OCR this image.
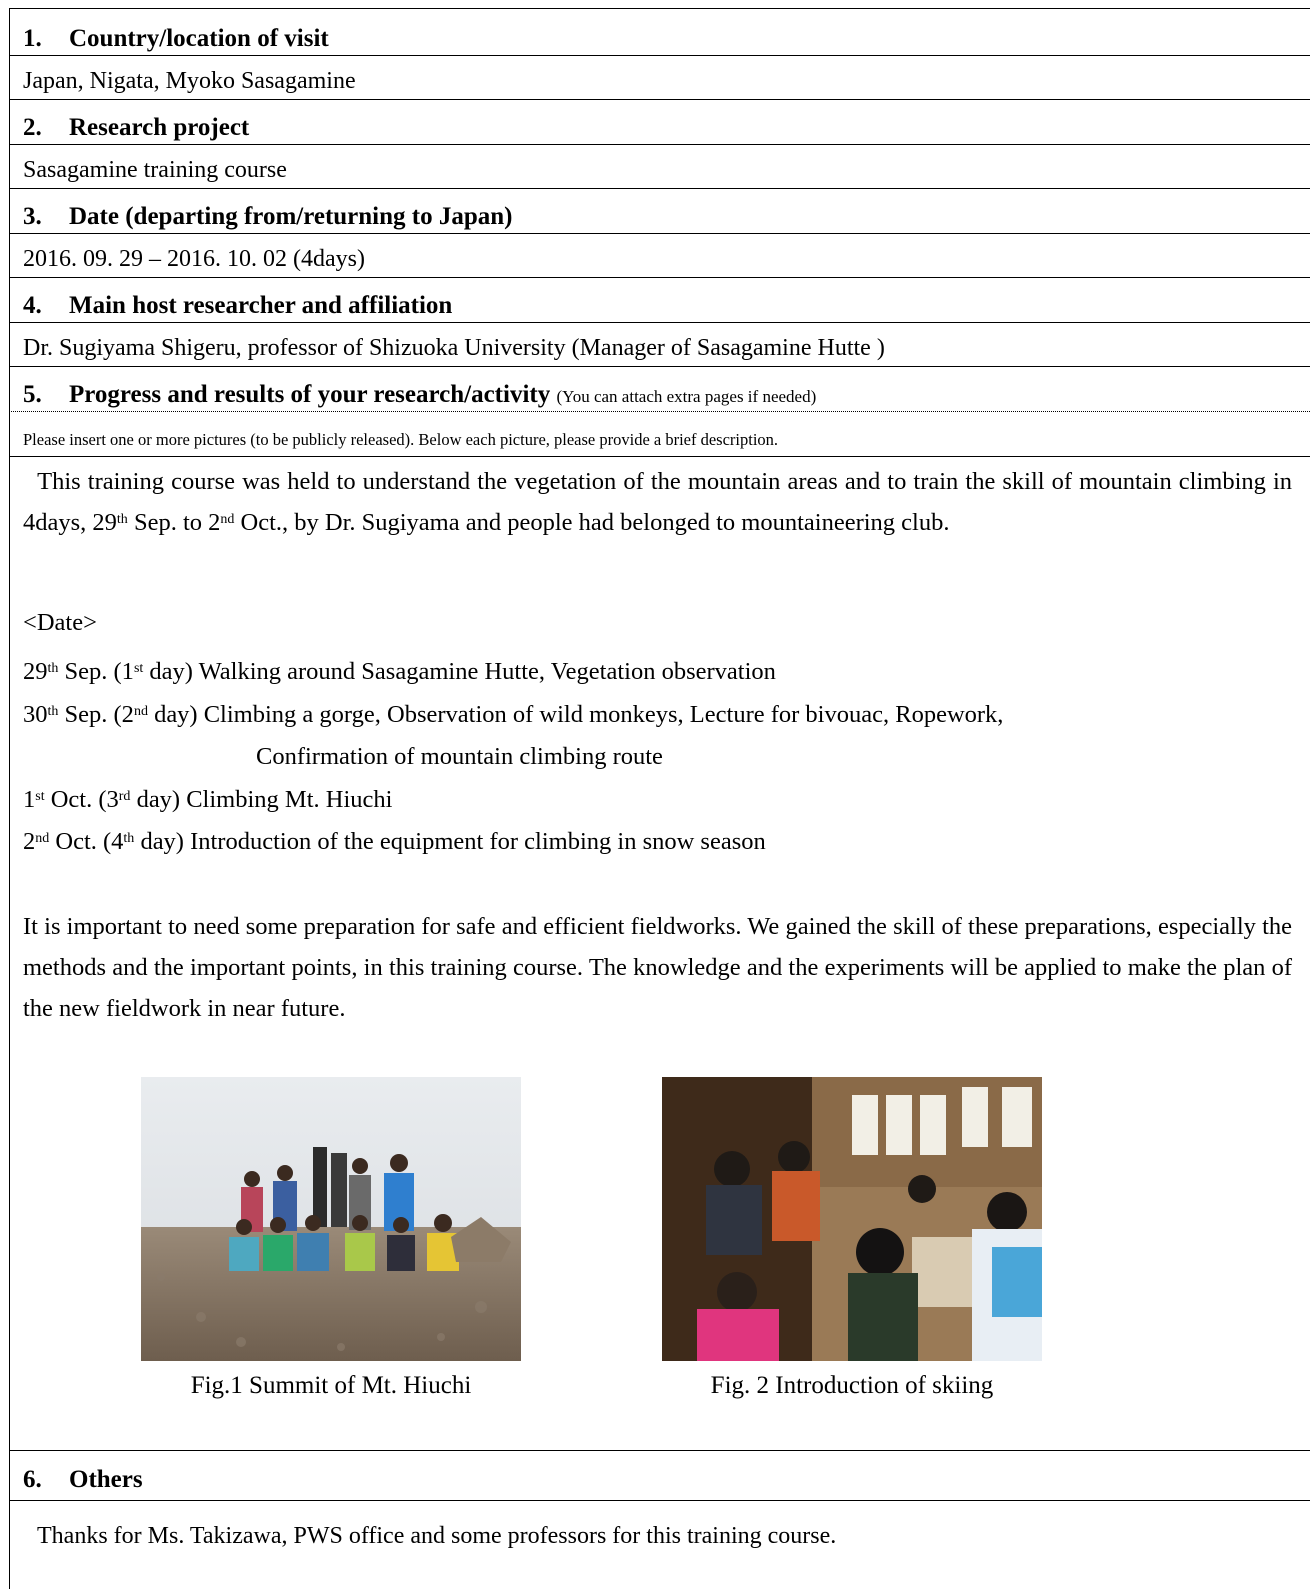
1. Country/location of visit
Japan, Nigata, Myoko Sasagamine
2. Research project
Sasagamine training course
3. Date (departing from/returning to Japan)
2016. 09. 29 – 2016. 10. 02 (4days)
4. Main host researcher and affiliation
Dr. Sugiyama Shigeru, professor of Shizuoka University (Manager of Sasagamine Hutte )
5. Progress and results of your research/activity (You can attach extra pages if needed)
Please insert one or more pictures (to be publicly released). Below each picture, please provide a brief description.
This training course was held to understand the vegetation of the mountain areas and to train the skill of mountain climbing in 4days, 29th Sep. to 2nd Oct., by Dr. Sugiyama and people had belonged to mountaineering club.
<Date>
29th Sep. (1st day) Walking around Sasagamine Hutte, Vegetation observation
30th Sep. (2nd day) Climbing a gorge, Observation of wild monkeys, Lecture for bivouac, Ropework,
Confirmation of mountain climbing route
1st Oct. (3rd day) Climbing Mt. Hiuchi
2nd Oct. (4th day) Introduction of the equipment for climbing in snow season
It is important to need some preparation for safe and efficient fieldworks. We gained the skill of these preparations, especially the methods and the important points, in this training course. The knowledge and the experiments will be applied to make the plan of the new fieldwork in near future.
Fig.1 Summit of Mt. Hiuchi	Fig. 2 Introduction of skiing
6. Others
Thanks for Ms. Takizawa, PWS office and some professors for this training course.
